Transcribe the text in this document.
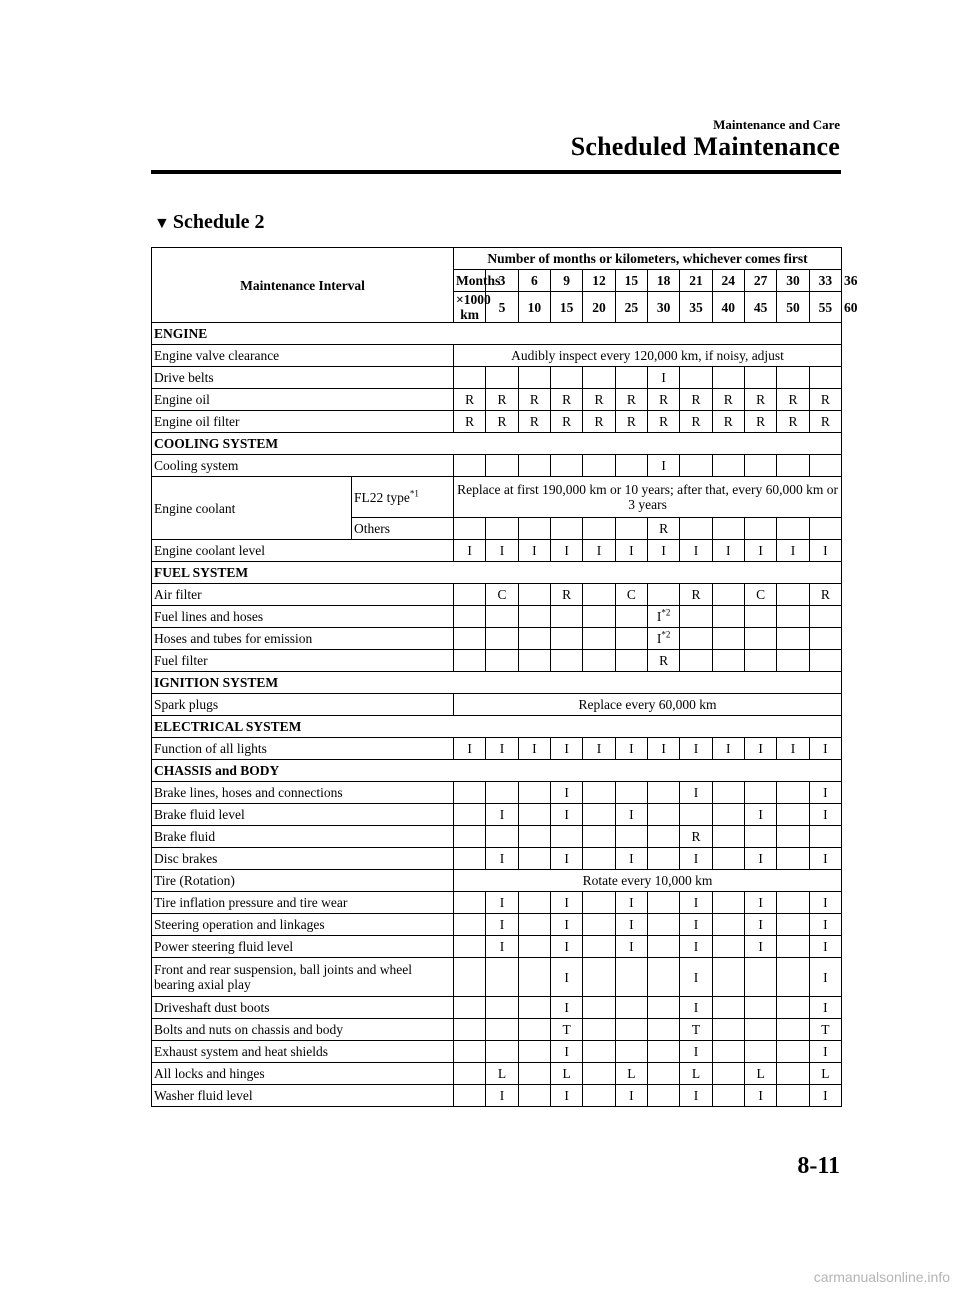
Maintenance and Care
Scheduled Maintenance
▼ Schedule 2
Maintenance Interval		Number of months or kilometers, whichever comes first												
		Months	3	6	9	12	15	18	21	24	27	30	33	36
		×1000 km	5	10	15	20	25	30	35	40	45	50	55	60
ENGINE														
Engine valve clearance		Audibly inspect every 120,000 km, if noisy, adjust												
Drive belts								I						
Engine oil		R	R	R	R	R	R	R	R	R	R	R	R	
Engine oil filter		R	R	R	R	R	R	R	R	R	R	R	R	
COOLING SYSTEM														
Cooling system								I						
Engine coolant	FL22 type$^{*1}$	Replace at first 190,000 km or 10 years; after that, every 60,000 km or 3 years												
	Others							R						
Engine coolant level		I	I	I	I	I	I	I	I	I	I	I	I	
FUEL SYSTEM														
Air filter			C		R		C		R		C		R	
Fuel lines and hoses								$I^{*2}$					
Hoses and tubes for emission								$I^{*2}$					
Fuel filter								R						
IGNITION SYSTEM														
Spark plugs		Replace every 60,000 km												
ELECTRICAL SYSTEM														
Function of all lights		I	I	I	I	I	I	I	I	I	I	I	I	
CHASSIS and BODY														
Brake lines, hoses and connections					I				I				I	
Brake fluid level			I		I		I				I		I	
Brake fluid									R					
Disc brakes			I		I		I		I		I		I	
Tire (Rotation)		Rotate every 10,000 km												
Tire inflation pressure and tire wear			I		I		I		I		I		I	
Steering operation and linkages			I		I		I		I		I		I	
Power steering fluid level			I		I		I		I		I		I	
Front and rear suspension, ball joints and wheel bearing axial play					I				I				I	
Driveshaft dust boots					I				I				I	
Bolts and nuts on chassis and body					T				T				T	
Exhaust system and heat shields					I				I				I	
All locks and hinges			L		L		L		L		L		L	
Washer fluid level			I		I		I		I		I		I	
8-11
carmanualsonline.info
